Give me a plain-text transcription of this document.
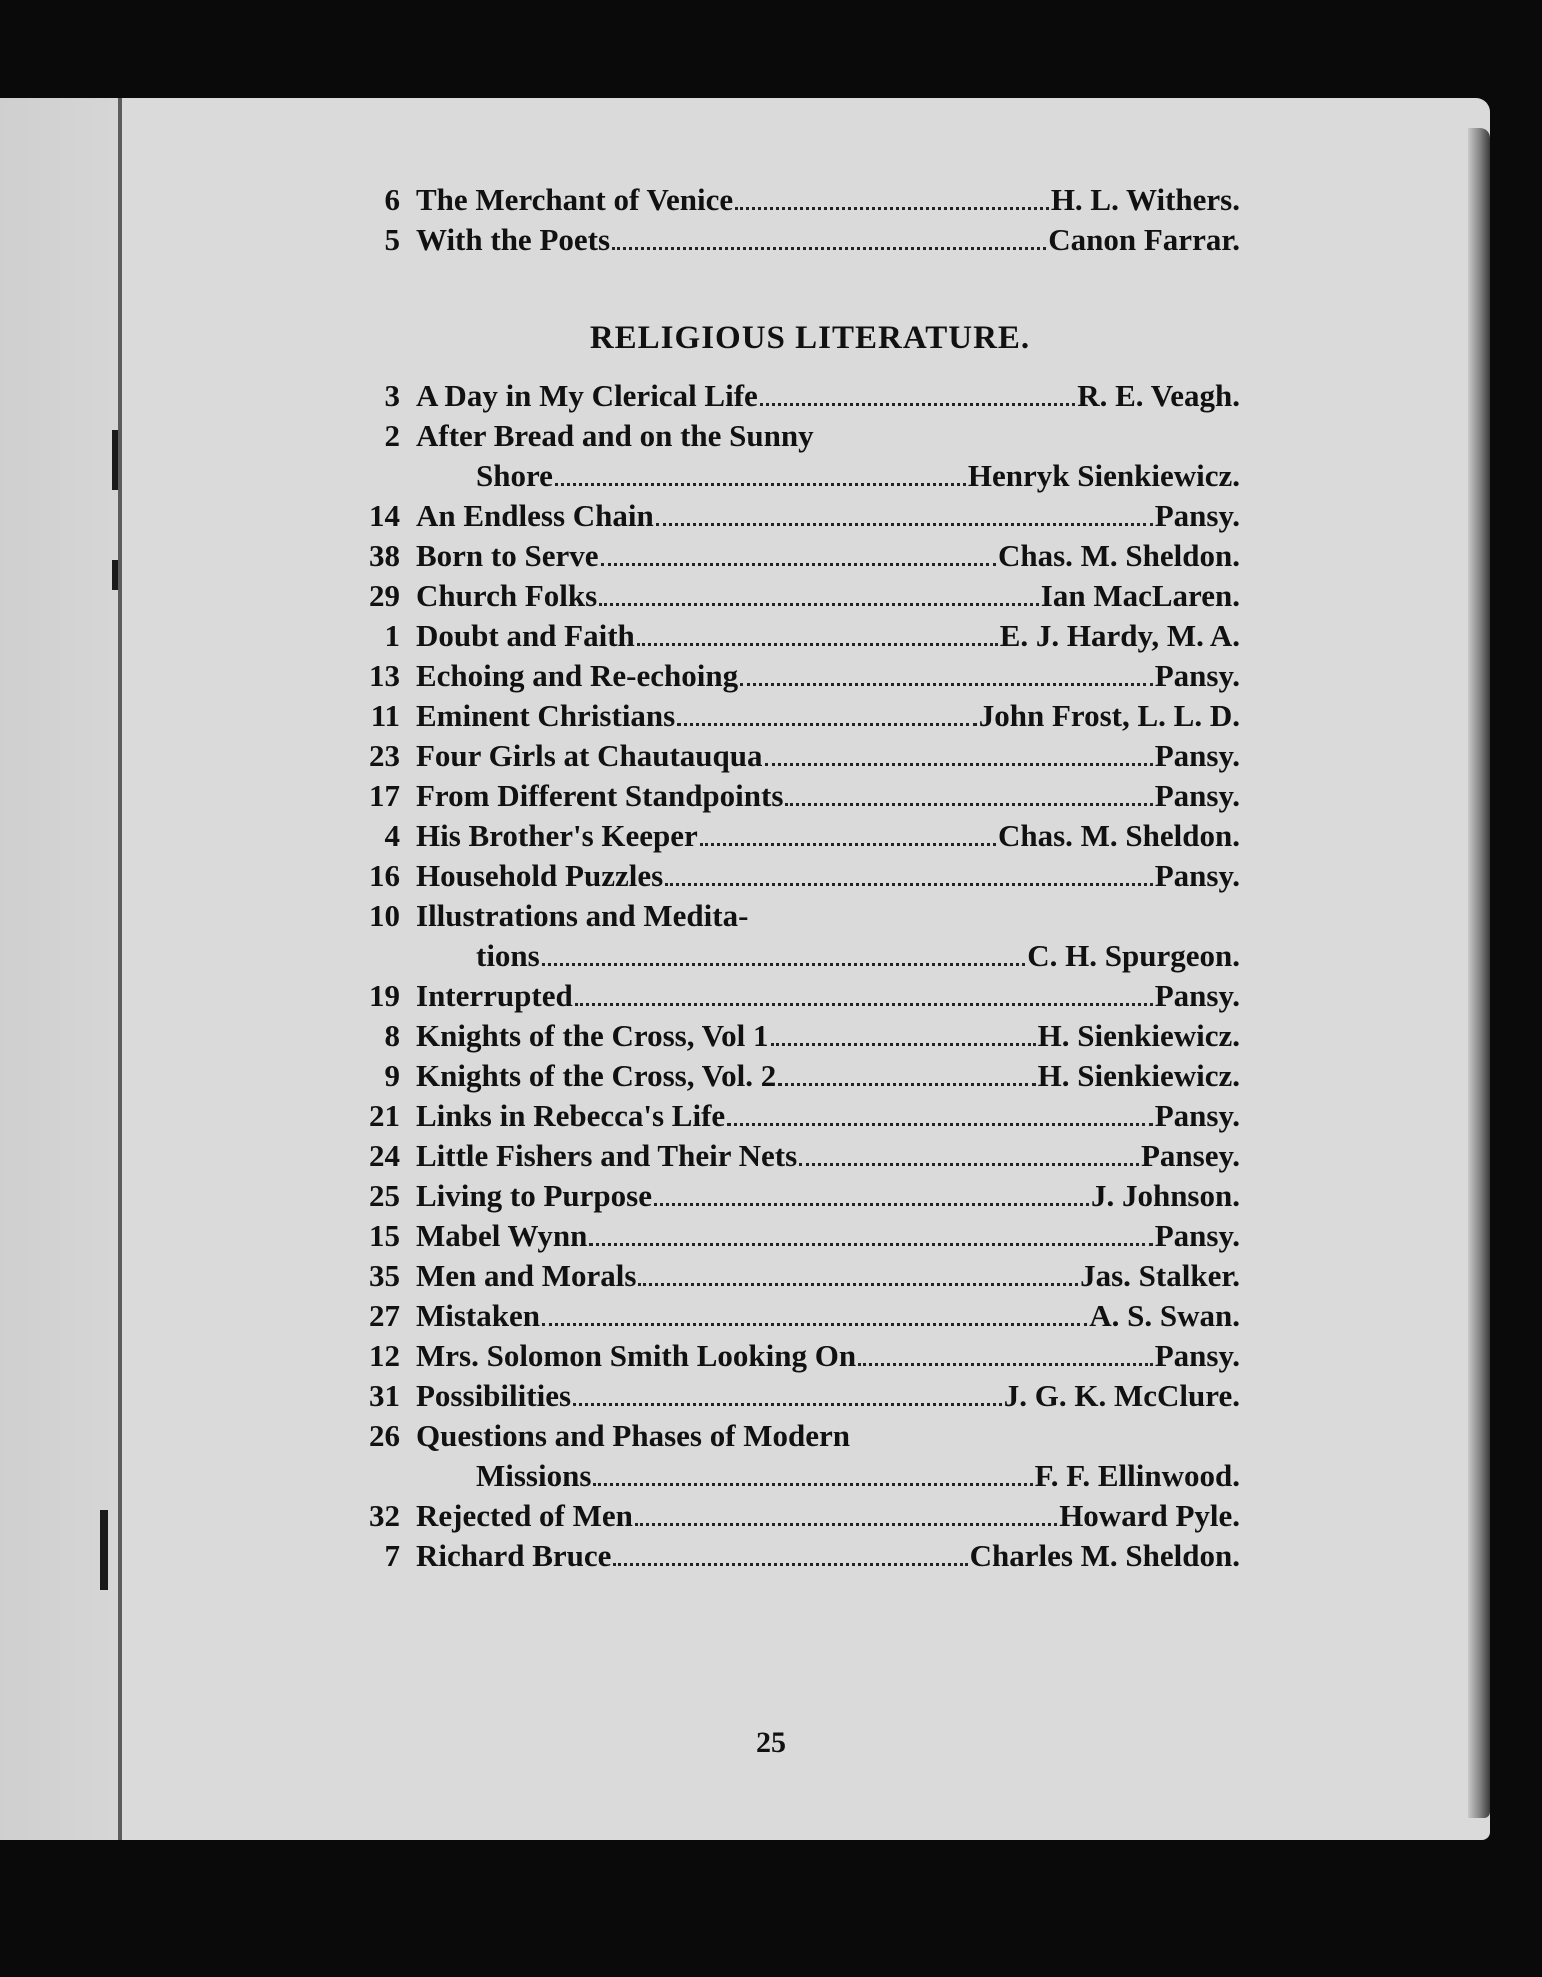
6 The Merchant of Venice	H. L. Withers.
5 With the Poets	Canon Farrar.
RELIGIOUS LITERATURE.
3 A Day in My Clerical Life	R. E. Veagh.
2 After Bread and on the Sunny
Shore	Henryk Sienkiewicz.
14 An Endless Chain	Pansy.
38 Born to Serve	Chas. M. Sheldon.
29 Church Folks	Ian MacLaren.
1 Doubt and Faith	E. J. Hardy, M. A.
13 Echoing and Re-echoing	Pansy.
11 Eminent Christians	John Frost, L. L. D.
23 Four Girls at Chautauqua	Pansy.
17 From Different Standpoints	Pansy.
4 His Brother's Keeper	Chas. M. Sheldon.
16 Household Puzzles	Pansy.
10 Illustrations and Medita-
tions	C. H. Spurgeon.
19 Interrupted	Pansy.
8 Knights of the Cross, Vol 1	H. Sienkiewicz.
9 Knights of the Cross, Vol. 2	H. Sienkiewicz.
21 Links in Rebecca's Life	Pansy.
24 Little Fishers and Their Nets	Pansey.
25 Living to Purpose	J. Johnson.
15 Mabel Wynn	Pansy.
35 Men and Morals	Jas. Stalker.
27 Mistaken	A. S. Swan.
12 Mrs. Solomon Smith Looking On	Pansy.
31 Possibilities	J. G. K. McClure.
26 Questions and Phases of Modern
Missions	F. F. Ellinwood.
32 Rejected of Men	Howard Pyle.
7 Richard Bruce	Charles M. Sheldon.
25
